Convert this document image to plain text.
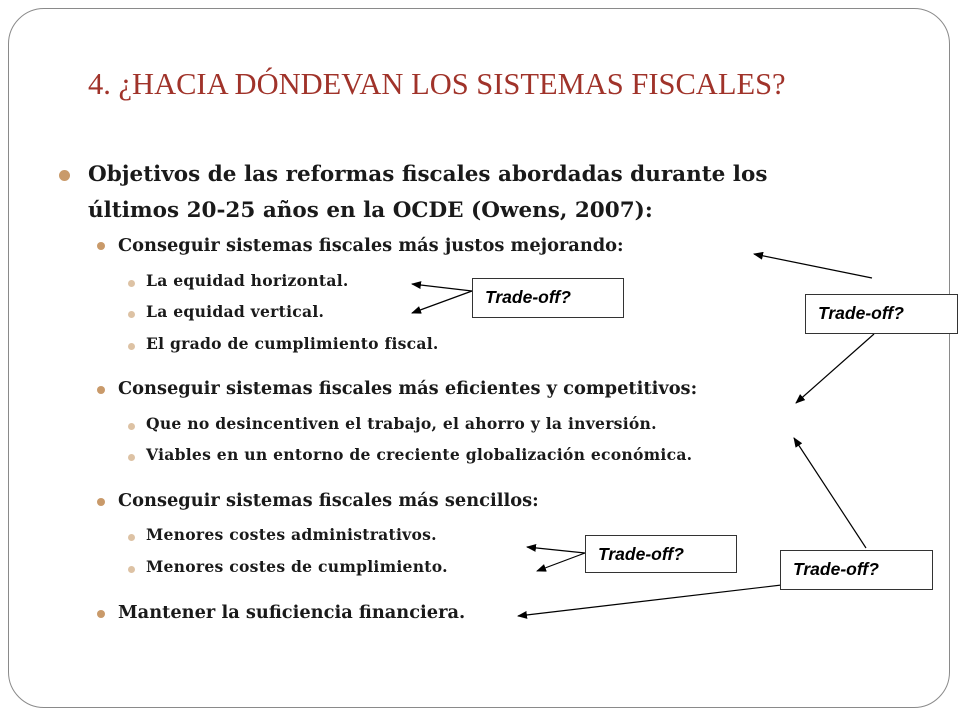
4. ¿HACIA DÓNDEVAN LOS SISTEMAS FISCALES?
Objetivos de las reformas fiscales abordadas durante los
últimos 20-25 años en la OCDE (Owens, 2007):
Conseguir sistemas fiscales más justos mejorando:
La equidad horizontal.
La equidad vertical.
El grado de cumplimiento fiscal.
Conseguir sistemas fiscales más eficientes y competitivos:
Que no desincentiven el trabajo, el ahorro y la inversión.
Viables en un entorno de creciente globalización económica.
Conseguir sistemas fiscales más sencillos:
Menores costes administrativos.
Menores costes de cumplimiento.
Mantener la suficiencia financiera.
Trade-off?
Trade-off?
Trade-off?
Trade-off?
